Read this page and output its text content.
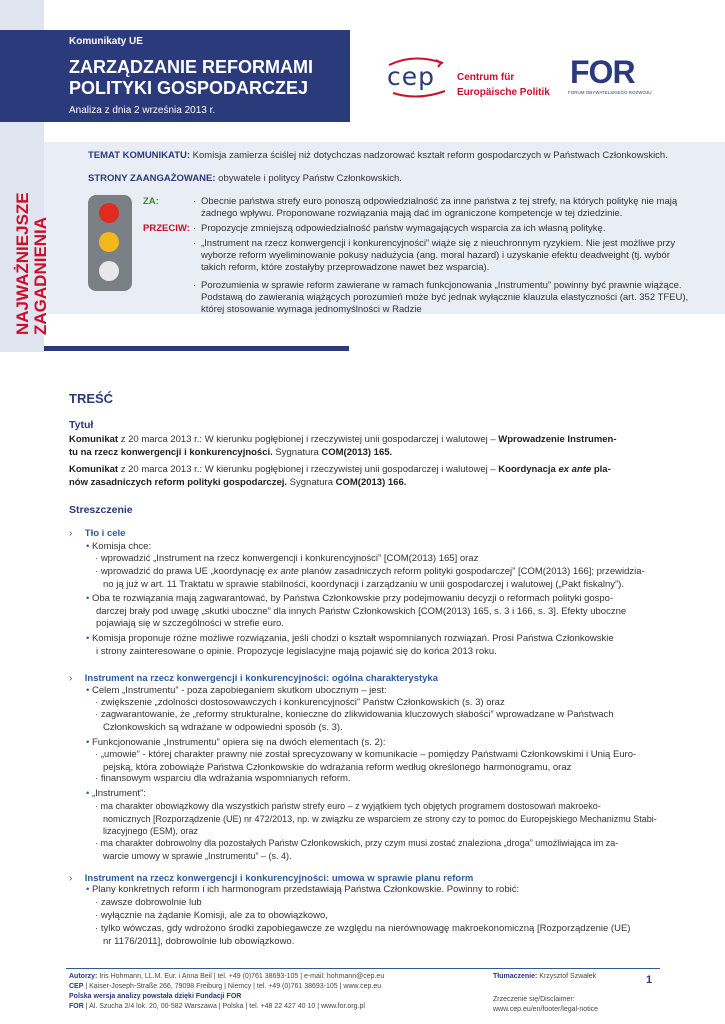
Komunikaty UE
ZARZĄDZANIE REFORMAMI
POLITYKI GOSPODARCZEJ
Analiza z dnia 2 września 2013 r.
cep Centrum für
Europäische Politik
FOR
FORUM OBYWATELSKIEGO ROZWOJU
NAJWAŻNIEJSZE ZAGADNIENIA
TEMAT KOMUNIKATU: Komisja zamierza ściślej niż dotychczas nadzorować kształt reform gospodarczych w Państwach Członkowskich.
STRONY ZAANGAŻOWANE: obywatele i politycy Państw Członkowskich.
ZA:
PRZECIW:
· Obecnie państwa strefy euro ponoszą odpowiedzialność za inne państwa z tej strefy, na których politykę nie mają żadnego wpływu. Proponowane rozwiązania mają dać im ograniczone kompetencje w tej dziedzinie.
· Propozycje zmniejszą odpowiedzialność państw wymagających wsparcia za ich własną politykę.
· „Instrument na rzecz konwergencji i konkurencyjności” wiąże się z nieuchronnym ryzykiem. Nie jest możliwe przy wyborze reform wyeliminowanie pokusy nadużycia (ang. moral hazard) i uzyskanie efektu deadweight (tj. wybór takich reform, które zostałyby przeprowadzone nawet bez wsparcia).
· Porozumienia w sprawie reform zawierane w ramach funkcjonowania „Instrumentu” powinny być prawnie wiążące. Podstawą do zawierania wiążących porozumień może być jednak wyłącznie klauzula elastyczności (art. 352 TFEU), której stosowanie wymaga jednomyślności w Radzie
TREŚĆ
Tytuł
Komunikat z 20 marca 2013 r.: W kierunku pogłębionej i rzeczywistej unii gospodarczej i walutowej – Wprowadzenie Instrumen-
tu na rzecz konwergencji i konkurencyjności. Sygnatura COM(2013) 165.
Komunikat z 20 marca 2013 r.: W kierunku pogłębionej i rzeczywistej unii gospodarczej i walutowej – Koordynacja ex ante pla-
nów zasadniczych reform polityki gospodarczej. Sygnatura COM(2013) 166.
Streszczenie
› Tło i cele
• Komisja chce:
· wprowadzić „Instrument na rzecz konwergencji i konkurencyjności” [COM(2013) 165] oraz
· wprowadzić do prawa UE „koordynację ex ante planów zasadniczych reform polityki gospodarczej” [COM(2013) 166]; przewidzia-
no ją już w art. 11 Traktatu w sprawie stabilności, koordynacji i zarządzaniu w unii gospodarczej i walutowej („Pakt fiskalny”).
• Oba te rozwiązania mają zagwarantować, by Państwa Członkowskie przy podejmowaniu decyzji o reformach polityki gospo-
darczej brały pod uwagę „skutki uboczne” dla innych Państw Członkowskich [COM(2013) 165, s. 3 i 166, s. 3]. Efekty uboczne
pojawiają się w szczególności w strefie euro.
• Komisja proponuje różne możliwe rozwiązania, jeśli chodzi o kształt wspomnianych rozwiązań. Prosi Państwa Członkowskie
i strony zainteresowane o opinie. Propozycje legislacyjne mają pojawić się do końca 2013 roku.
› Instrument na rzecz konwergencji i konkurencyjności: ogólna charakterystyka
• Celem „Instrumentu” - poza zapobieganiem skutkom ubocznym – jest:
· zwiększenie „zdolności dostosowawczych i konkurencyjności” Państw Członkowskich (s. 3) oraz
· zagwarantowanie, że „reformy strukturalne, konieczne do zlikwidowania kluczowych słabości” wprowadzane w Państwach
Członkowskich są wdrażane w odpowiedni sposób (s. 3).
• Funkcjonowanie „Instrumentu” opiera się na dwóch elementach (s. 2):
· „umowie” - której charakter prawny nie został sprecyzowany w komunikacie – pomiędzy Państwami Członkowskimi i Unią Euro-
pejską, która zobowiąże Państwa Członkowskie do wdrażania reform według określonego harmonogramu, oraz
· finansowym wsparciu dla wdrażania wspomnianych reform.
• „Instrument”:
· ma charakter obowiązkowy dla wszystkich państw strefy euro – z wyjątkiem tych objętych programem dostosowań makroeko-
nomicznych [Rozporządzenie (UE) nr 472/2013, np. w związku ze wsparciem ze strony czy to pomoc do Europejskiego Mechanizmu Stabi-
lizacyjnego (ESM), oraz
· ma charakter dobrowolny dla pozostałych Państw Członkowskich, przy czym musi zostać znaleziona „droga” umożliwiająca im za-
warcie umowy w sprawie „Instrumentu” – (s. 4).
› Instrument na rzecz konwergencji i konkurencyjności: umowa w sprawie planu reform
• Plany konkretnych reform i ich harmonogram przedstawiają Państwa Członkowskie. Powinny to robić:
· zawsze dobrowolnie lub
· wyłącznie na żądanie Komisji, ale za to obowiązkowo,
· tylko wówczas, gdy wdrożono środki zapobiegawcze ze względu na nierównowagę makroekonomiczną [Rozporządzenie (UE)
nr 1176/2011], dobrowolnie lub obowiązkowo.
Autorzy: Iris Hohmann, LL.M. Eur. i Anna Beil | tel. +49 (0)761 38693-105 | e-mail: hohmann@cep.eu
CEP | Kaiser-Joseph-Straße 266, 79098 Freiburg | Niemcy | tel. +49 (0)761 38693-105 | www.cep.eu
Polska wersja analizy powstała dzięki Fundacji FOR
FOR | Al. Szucha 2/4 lok. 20, 00-582 Warszawa | Polska | tel. +48 22 427 40 10 | www.for.org.pl
Tłumaczenie: Krzysztof Szwałek
Zrzeczenie się/Disclaimer:
www.cep.eu/en/footer/legal-notice
1
